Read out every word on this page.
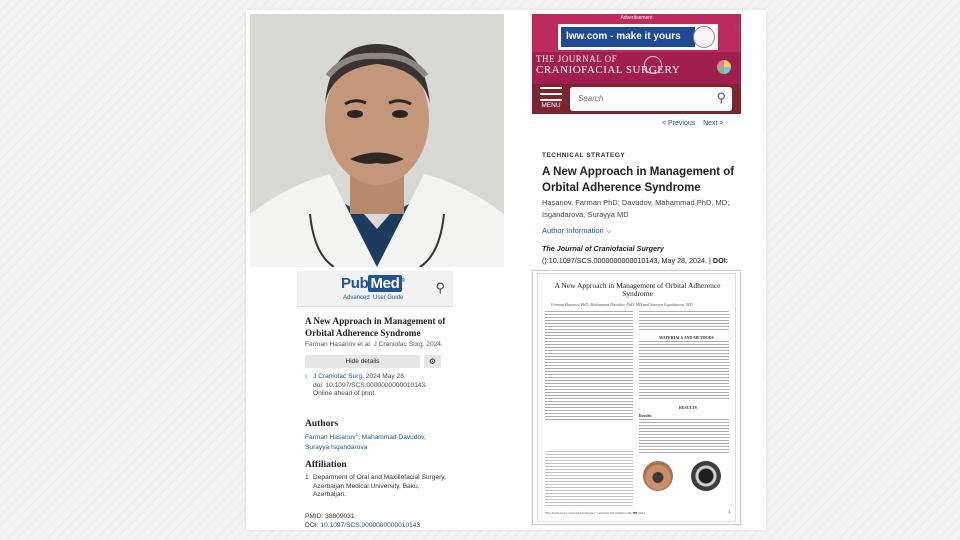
Pub Med ®
Advanced User Guide
⚲
A New Approach in Management of Orbital Adherence Syndrome
Farman Hasanov et al. J Craniofac Surg. 2024.
Hide details	⚙
› J Craniofac Surg. 2024 May 28.
doi: 10.1097/SCS.0000000000010143.
Online ahead of print.
Authors
Farman Hasanov$^1$, Mahammad Davudov,
Surayya Isgandarova
Affiliation
1 Department of Oral and Maxillofacial Surgery, Azerbaijan Medical University, Baku, Azerbaijan.
PMID: 38809031
DOI: 10.1097/SCS.0000000000010143
Advertisement
lww.com - make it yours
✕
THE JOURNAL OF
CRANIOFACIAL SURGERY
MENU
Search	⚲
< Previous Next >
TECHNICAL STRATEGY
A New Approach in Management of Orbital Adherence Syndrome
Hasanov, Farman PhD; Davudov, Mahammad PhD, MD; Isgandarova, Surayya MD
Author Information ⌵
The Journal of Craniofacial Surgery
():10.1097/SCS.0000000000010143, May 28, 2024. | DOI:
A New Approach in Management of Orbital Adherence Syndrome
Farman Hasanov, PhD, Mahammad Davudov, PhD, MD and Surayya Isgandarova, MD
MATERIALS AND METHODS
RESULTS
Results
The Journal of Craniofacial Surgery • Volume 00, Number 00, ■■ 2024	1
